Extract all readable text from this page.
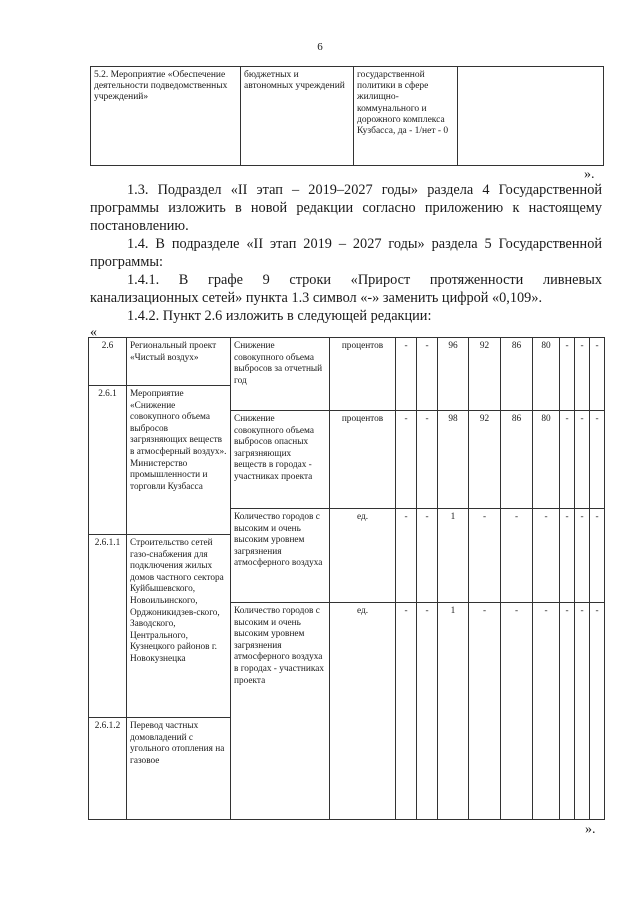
6
5.2. Мероприятие «Обеспечение деятельности подведомственных учреждений»	бюджетных и автономных учреждений	государственной политики в сфере жилищно-коммунального и дорожного комплекса Кузбасса, да - 1/нет - 0	
».
1.3. Подраздел «II этап – 2019–2027 годы» раздела 4 Государственной
программы изложить в новой редакции согласно приложению к настоящему
постановлению.
1.4. В подразделе «II этап 2019 – 2027 годы» раздела 5 Государственной
программы:
1.4.1. В графе 9 строки «Прирост протяженности ливневых
канализационных сетей» пункта 1.3 символ «-» заменить цифрой «0,109».
1.4.2. Пункт 2.6 изложить в следующей редакции:
«
2.6	Региональный проект «Чистый воздух»	Снижение совокупного объема выбросов за отчетный год	процентов	-	-	96	92	86	80	-	-	-
2.6.1	Мероприятие «Снижение совокупного объема выбросов загрязняющих веществ в атмосферный воздух». Министерство промышленности и торговли Кузбасса											
		Снижение совокупного объема выбросов опасных загрязняющих веществ в городах - участниках проекта	процентов	-	-	98	92	86	80	-	-	-
		Количество городов с высоким и очень высоким уровнем загрязнения атмосферного воздуха	ед.	-	-	1	-	-	-	-	-	-
2.6.1.1	Строительство сетей газо-снабжения для подключения жилых домов частного сектора Куйбышевского, Новоильинского, Орджоникидзев-ского, Заводского, Центрального, Кузнецкого районов г. Новокузнецка											
		Количество городов с высоким и очень высоким уровнем загрязнения атмосферного воздуха в городах - участниках проекта	ед.	-	-	1	-	-	-	-	-	-
2.6.1.2	Перевод частных домовладений с угольного отопления на газовое											
».
